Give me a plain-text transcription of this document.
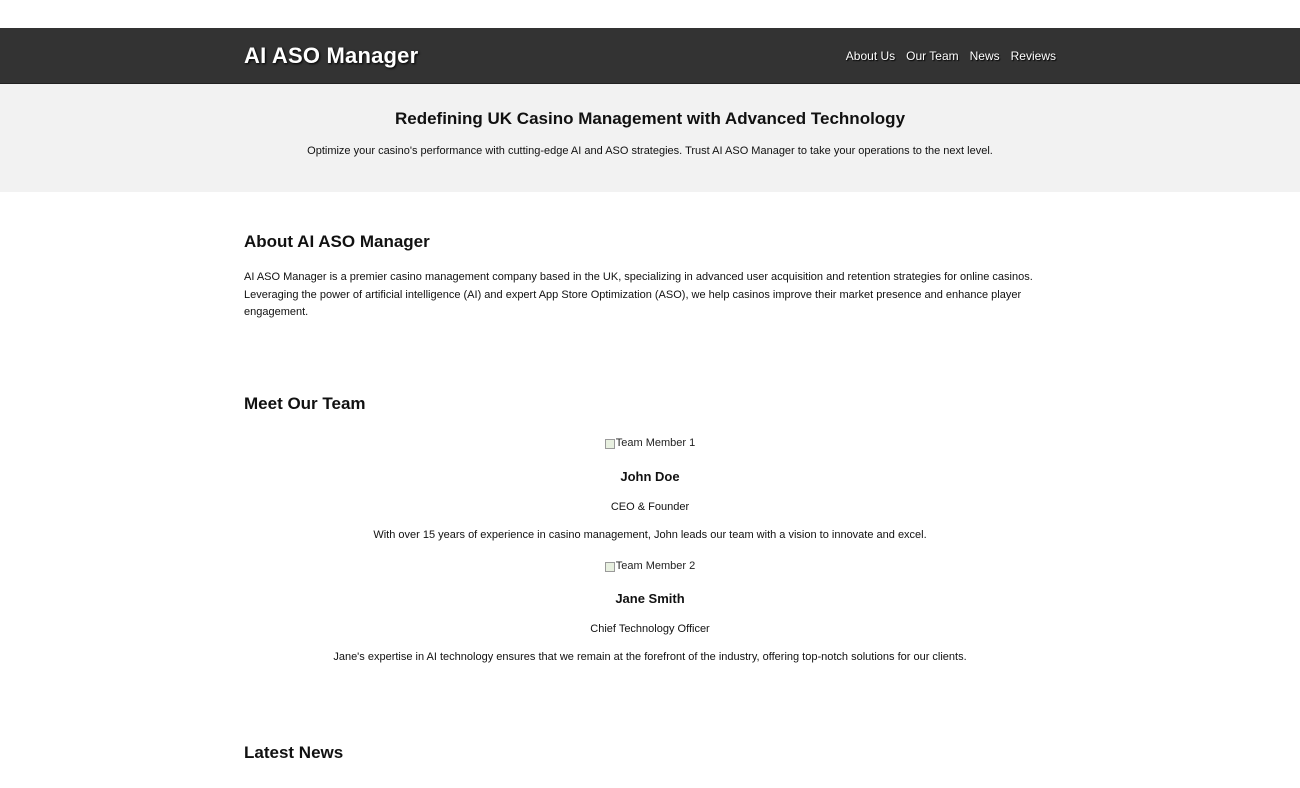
AI ASO Manager	About Us Our Team News Reviews
Redefining UK Casino Management with Advanced Technology

Optimize your casino's performance with cutting-edge AI and ASO strategies. Trust AI ASO Manager to take your operations to the next level.

About AI ASO Manager

AI ASO Manager is a premier casino management company based in the UK, specializing in advanced user acquisition and retention strategies for online casinos. Leveraging the power of artificial intelligence (AI) and expert App Store Optimization (ASO), we help casinos improve their market presence and enhance player engagement.

Meet Our Team
Team Member 1
John Doe
CEO & Founder
With over 15 years of experience in casino management, John leads our team with a vision to innovate and excel.
Team Member 2
Jane Smith
Chief Technology Officer
Jane's expertise in AI technology ensures that we remain at the forefront of the industry, offering top-notch solutions for our clients.
Latest News
